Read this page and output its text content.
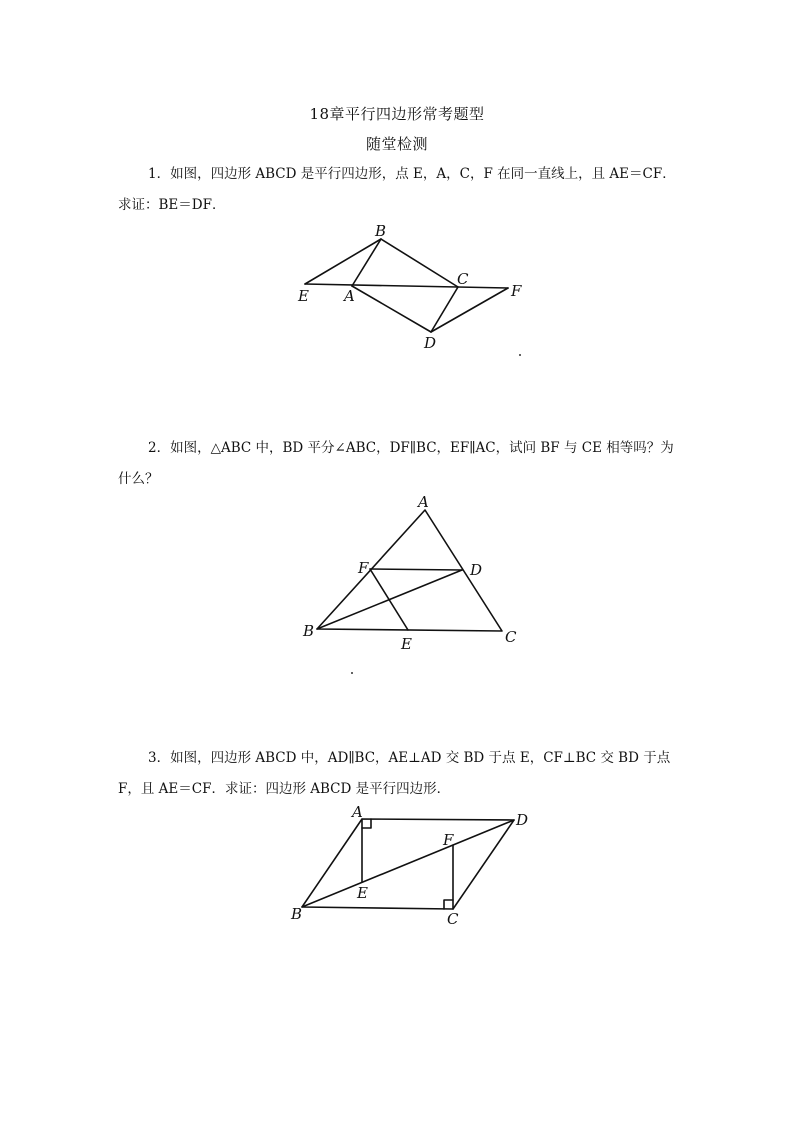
18章平行四边形常考题型
随堂检测

1．如图，四边形 ABCD 是平行四边形，点 E，A，C，F 在同一直线上，且 AE＝CF．求证：BE＝DF．

B
C
F
E A
D

2．如图，△ABC 中，BD 平分∠ABC，DF∥BC，EF∥AC，试问 BF 与 CE 相等吗？为什么？

A
F	D
B
E	C

3．如图，四边形 ABCD 中，AD∥BC，AE⊥AD 交 BD 于点 E，CF⊥BC 交 BD 于点 F，且 AE＝CF．求证：四边形 ABCD 是平行四边形．

A	D
F
E
B	C
